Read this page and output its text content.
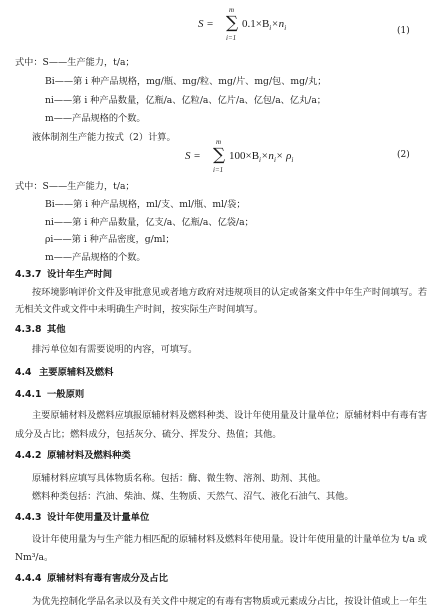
S = ∑
m
i=1
$0.1\times B_i\times n_i$	(1)
式中：S——生产能力，t/a；
Bi——第 i 种产品规格，mg/瓶、mg/粒、mg/片、mg/包、mg/丸；
ni——第 i 种产品数量，亿瓶/a、亿粒/a、亿片/a、亿包/a、亿丸/a；
m——产品规格的个数。
液体制剂生产能力按式（2）计算。
S = ∑
m
i=1
$100\times B_i\times n_i\times \rho_i$
(2)
式中：S——生产能力，t/a；
Bi——第 i 种产品规格，ml/支、ml/瓶、ml/袋；
ni——第 i 种产品数量，亿支/a、亿瓶/a、亿袋/a；
ρi——第 i 种产品密度，g/ml；
m——产品规格的个数。
4.3.7 设计年生产时间
按环境影响评价文件及审批意见或者地方政府对违规项目的认定或备案文件中年生产时间填写。若
无相关文件或文件中未明确生产时间，按实际生产时间填写。
4.3.8 其他
排污单位如有需要说明的内容，可填写。
4.4 主要原辅料及燃料
4.4.1 一般原则
主要原辅材料及燃料应填报原辅材料及燃料种类、设计年使用量及计量单位；原辅材料中有毒有害
成分及占比；燃料成分，包括灰分、硫分、挥发分、热值；其他。
4.4.2 原辅材料及燃料种类
原辅材料应填写具体物质名称。包括：酶、微生物、溶剂、助剂、其他。
燃料种类包括：汽油、柴油、煤、生物质、天然气、沼气、液化石油气、其他。
4.4.3 设计年使用量及计量单位
设计年使用量为与生产能力相匹配的原辅材料及燃料年使用量。设计年使用量的计量单位为 t/a 或
Nm³/a。
4.4.4 原辅材料有毒有害成分及占比
为优先控制化学品名录以及有关文件中规定的有毒有害物质或元素成分占比，按设计值或上一年生
